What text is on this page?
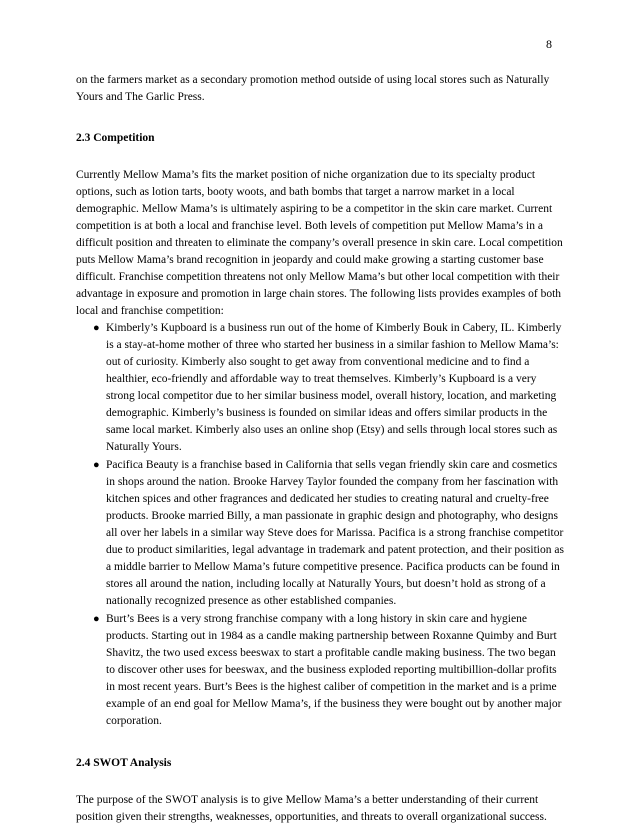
8

on the farmers market as a secondary promotion method outside of using local stores such as Naturally Yours and The Garlic Press.

2.3 Competition

Currently Mellow Mama’s fits the market position of niche organization due to its specialty product options, such as lotion tarts, booty woots, and bath bombs that target a narrow market in a local demographic. Mellow Mama’s is ultimately aspiring to be a competitor in the skin care market. Current competition is at both a local and franchise level. Both levels of competition put Mellow Mama’s in a difficult position and threaten to eliminate the company’s overall presence in skin care. Local competition puts Mellow Mama’s brand recognition in jeopardy and could make growing a starting customer base difficult. Franchise competition threatens not only Mellow Mama’s but other local competition with their advantage in exposure and promotion in large chain stores. The following lists provides examples of both local and franchise competition:

● Kimberly’s Kupboard is a business run out of the home of Kimberly Bouk in Cabery, IL. Kimberly is a stay-at-home mother of three who started her business in a similar fashion to Mellow Mama’s: out of curiosity. Kimberly also sought to get away from conventional medicine and to find a healthier, eco-friendly and affordable way to treat themselves. Kimberly’s Kupboard is a very strong local competitor due to her similar business model, overall history, location, and marketing demographic. Kimberly’s business is founded on similar ideas and offers similar products in the same local market. Kimberly also uses an online shop (Etsy) and sells through local stores such as Naturally Yours.
● Pacifica Beauty is a franchise based in California that sells vegan friendly skin care and cosmetics in shops around the nation. Brooke Harvey Taylor founded the company from her fascination with kitchen spices and other fragrances and dedicated her studies to creating natural and cruelty-free products. Brooke married Billy, a man passionate in graphic design and photography, who designs all over her labels in a similar way Steve does for Marissa. Pacifica is a strong franchise competitor due to product similarities, legal advantage in trademark and patent protection, and their position as a middle barrier to Mellow Mama’s future competitive presence. Pacifica products can be found in stores all around the nation, including locally at Naturally Yours, but doesn’t hold as strong of a nationally recognized presence as other established companies.
● Burt’s Bees is a very strong franchise company with a long history in skin care and hygiene products. Starting out in 1984 as a candle making partnership between Roxanne Quimby and Burt Shavitz, the two used excess beeswax to start a profitable candle making business. The two began to discover other uses for beeswax, and the business exploded reporting multibillion-dollar profits in most recent years. Burt’s Bees is the highest caliber of competition in the market and is a prime example of an end goal for Mellow Mama’s, if the business they were bought out by another major corporation.

2.4 SWOT Analysis

The purpose of the SWOT analysis is to give Mellow Mama’s a better understanding of their current position given their strengths, weaknesses, opportunities, and threats to overall organizational success.
